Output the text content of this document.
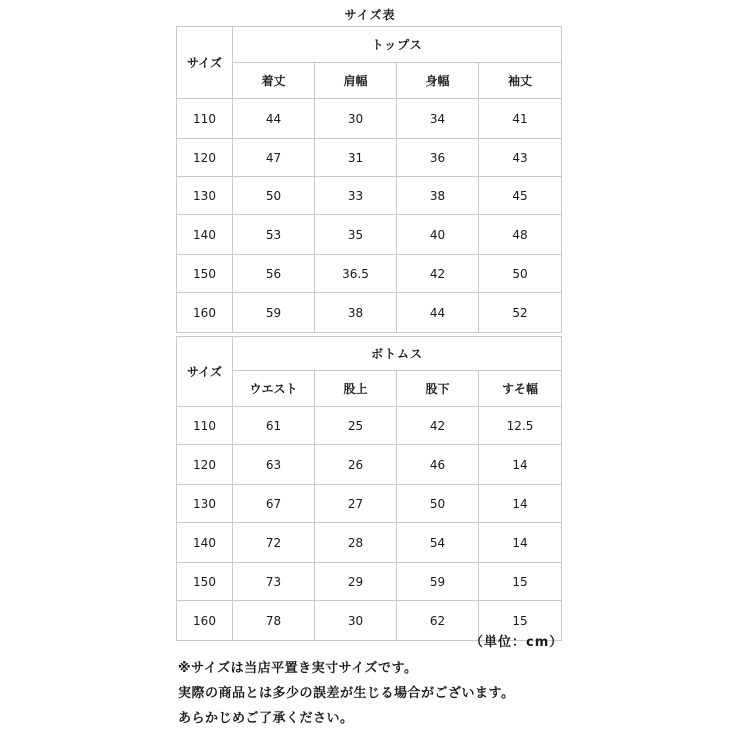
サイズ表
サイズ	トップス			
	着丈	肩幅	身幅	袖丈
110	44	30	34	41
120	47	31	36	43
130	50	33	38	45
140	53	35	40	48
150	56	36.5	42	50
160	59	38	44	52
サイズ	ボトムス			
	ウエスト	股上	股下	すそ幅
110	61	25	42	12.5
120	63	26	46	14
130	67	27	50	14
140	72	28	54	14
150	73	29	59	15
160	78	30	62	15
（単位：cm）
※サイズは当店平置き実寸サイズです。
実際の商品とは多少の誤差が生じる場合がございます。
あらかじめご了承ください。
